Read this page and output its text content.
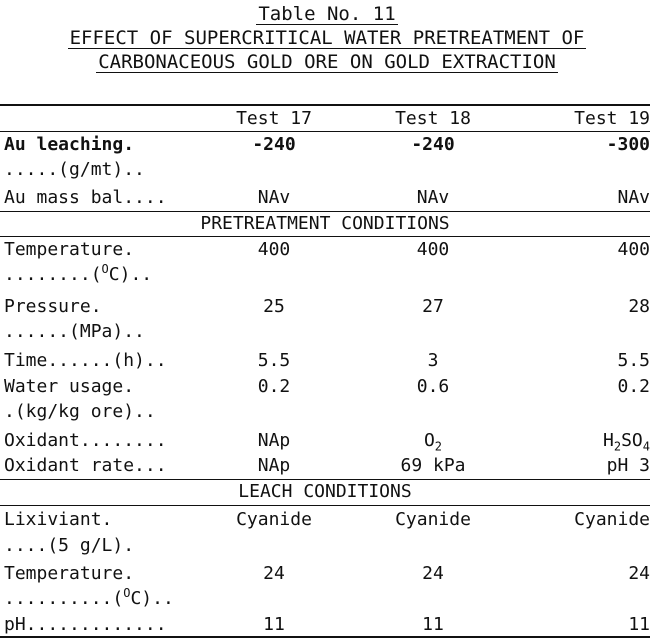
Table No. 11
EFFECT OF SUPERCRITICAL WATER PRETREATMENT OF
CARBONACEOUS GOLD ORE ON GOLD EXTRACTION
Test 17	Test 18	Test 19
Au leaching.	-240	-240	-300
.....(g/mt)..
Au mass bal....	NAv	NAv	NAv
PRETREATMENT CONDITIONS
Temperature.	400	400	400
........($^O$C)..
Pressure.	25	27	28
......(MPa)..
Time......(h)..	5.5	3	5.5
Water usage.	0.2	0.6	0.2
.(kg/kg ore)..
Oxidant........	NAp	$O_2$	$H_2SO_4$
Oxidant rate...	NAp	69 kPa	pH 3
LEACH CONDITIONS
Lixiviant.	Cyanide	Cyanide	Cyanide
....(5 g/L).
Temperature.	24	24	24
..........($^O$C)..
pH.............	11	11	11
